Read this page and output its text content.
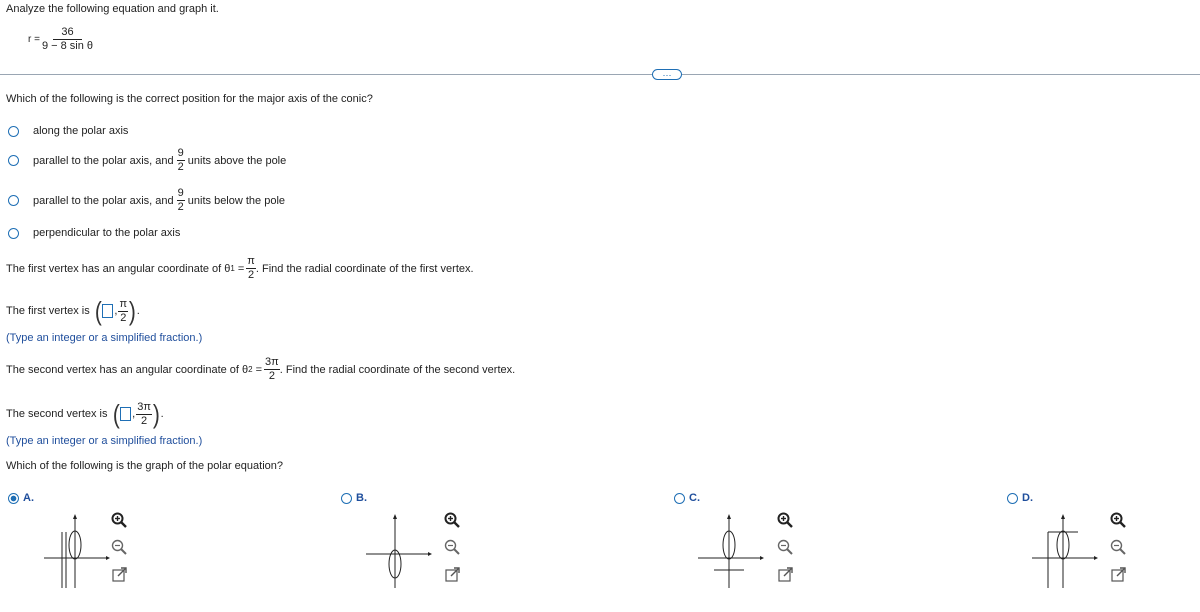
Analyze the following equation and graph it.
$r = \frac{36}{\text{9 − 8 sin θ}}$
⋯
Which of the following is the correct position for the major axis of the conic?
along the polar axis
parallel to the polar axis, and $\frac{9}{2}$ units above the pole
parallel to the polar axis, and $\frac{9}{2}$ units below the pole
perpendicular to the polar axis
The first vertex has an angular coordinate of θ $1 = \frac{\pi}{2}$ . Find the radial coordinate of the first vertex.
The first vertex is ( , $\frac{\pi}{2}$ ) .
(Type an integer or a simplified fraction.)
The second vertex has an angular coordinate of θ $2 = \frac{3\pi}{2}$ . Find the radial coordinate of the second vertex.
The second vertex is ( , $\frac{3\pi}{2}$ ) .
(Type an integer or a simplified fraction.)
Which of the following is the graph of the polar equation?
A.	B.	C.	D.
